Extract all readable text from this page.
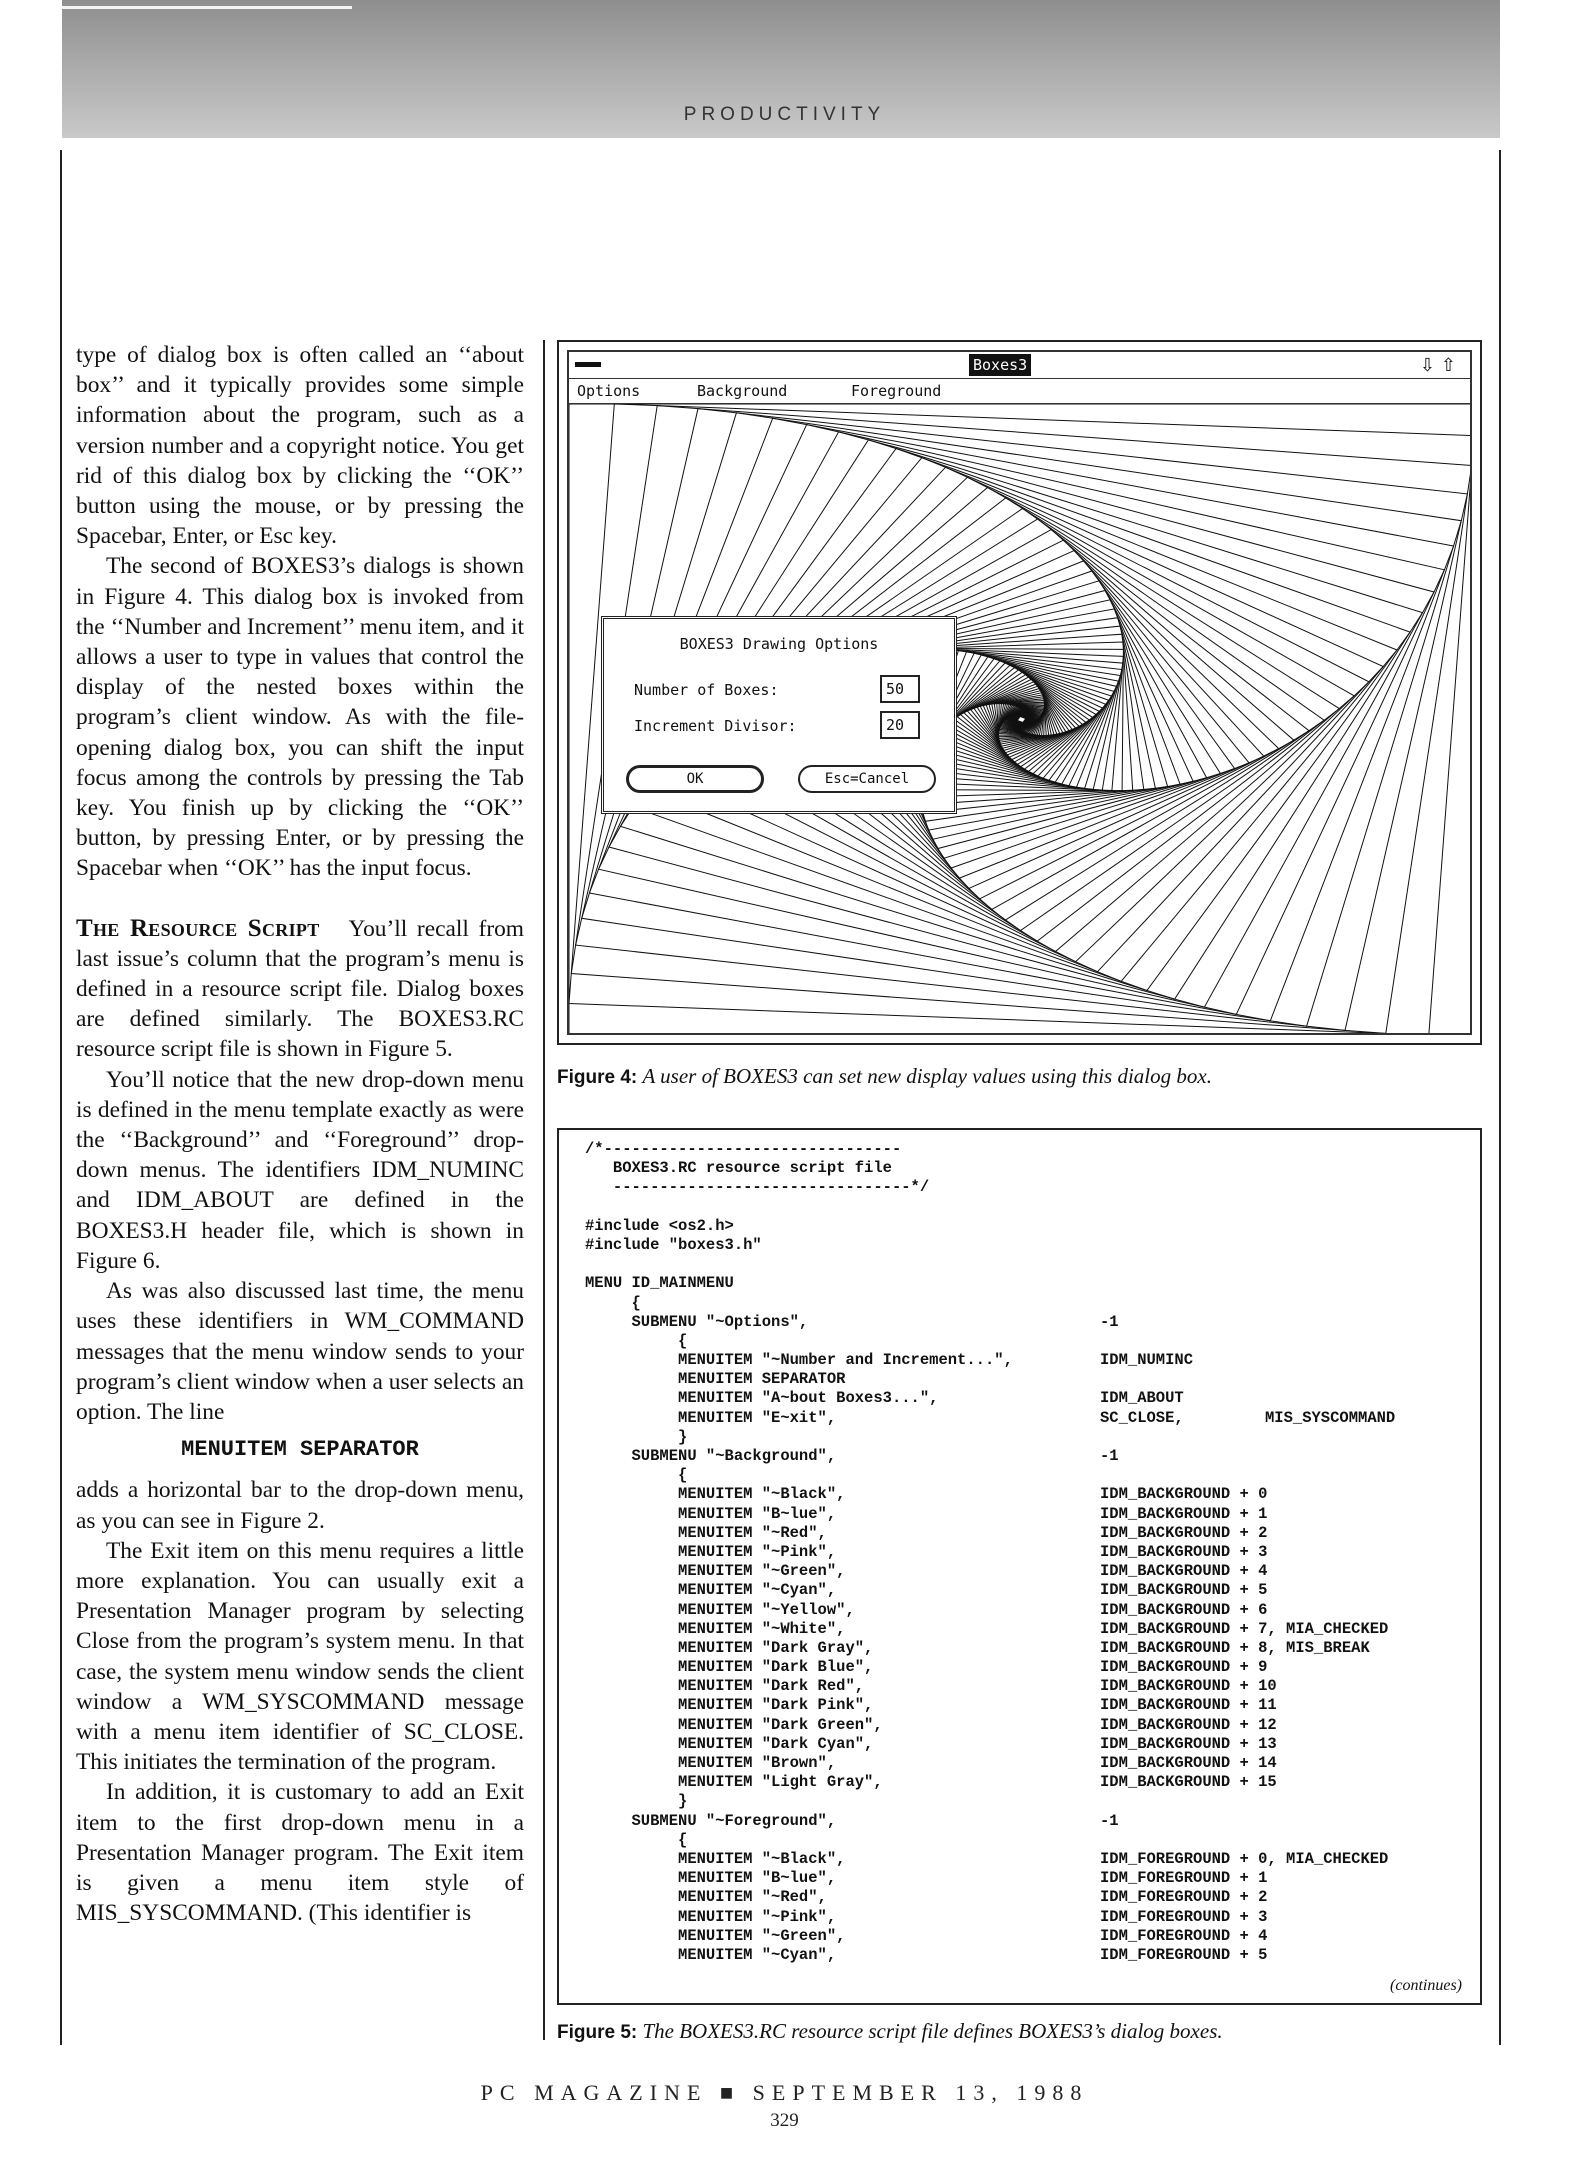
PRODUCTIVITY

type of dialog box is often called an ‘‘about box’’ and it typically provides some simple information about the program, such as a version number and a copyright notice. You get rid of this dialog box by clicking the ‘‘OK’’ button using the mouse, or by pressing the Spacebar, Enter, or Esc key.

The second of BOXES3’s dialogs is shown in Figure 4. This dialog box is invoked from the ‘‘Number and Increment’’ menu item, and it allows a user to type in values that control the display of the nested boxes within the program’s client window. As with the file-opening dialog box, you can shift the input focus among the controls by pressing the Tab key. You finish up by clicking the ‘‘OK’’ button, by pressing Enter, or by pressing the Spacebar when ‘‘OK’’ has the input focus.

The Resource Script You’ll recall from last issue’s column that the program’s menu is defined in a resource script file. Dialog boxes are defined similarly. The BOXES3.RC resource script file is shown in Figure 5.

You’ll notice that the new drop-down menu is defined in the menu template exactly as were the ‘‘Background’’ and ‘‘Foreground’’ drop-down menus. The identifiers IDM_NUMINC and IDM_ABOUT are defined in the BOXES3.H header file, which is shown in Figure 6.

As was also discussed last time, the menu uses these identifiers in WM_COMMAND messages that the menu window sends to your program’s client window when a user selects an option. The line

MENUITEM SEPARATOR

adds a horizontal bar to the drop-down menu, as you can see in Figure 2.

The Exit item on this menu requires a little more explanation. You can usually exit a Presentation Manager program by selecting Close from the program’s system menu. In that case, the system menu window sends the client window a WM_SYSCOMMAND message with a menu item identifier of SC_CLOSE. This initiates the termination of the program.

In addition, it is customary to add an Exit item to the first drop-down menu in a Presentation Manager program. The Exit item is given a menu item style of MIS_SYSCOMMAND. (This identifier is

Boxes3	⇩⇧
Options	Background	Foreground
BOXES3 Drawing Options
Number of Boxes:	50
Increment Divisor:	20
OK	Esc=Cancel
Figure 4: A user of BOXES3 can set new display values using this dialog box.
/*--------------------------------
BOXES3.RC resource script file
--------------------------------*/
#include <os2.h>
#include "boxes3.h"
MENU ID_MAINMENU
{
SUBMENU "~Options",	-1
{
MENUITEM "~Number and Increment...",	IDM_NUMINC
MENUITEM SEPARATOR
MENUITEM "A~bout Boxes3...",	IDM_ABOUT
MENUITEM "E~xit",	SC_CLOSE,	MIS_SYSCOMMAND
}
SUBMENU "~Background",	-1
{
MENUITEM "~Black",	IDM_BACKGROUND + 0
MENUITEM "B~lue",	IDM_BACKGROUND + 1
MENUITEM "~Red",	IDM_BACKGROUND + 2
MENUITEM "~Pink",	IDM_BACKGROUND + 3
MENUITEM "~Green",	IDM_BACKGROUND + 4
MENUITEM "~Cyan",	IDM_BACKGROUND + 5
MENUITEM "~Yellow",	IDM_BACKGROUND + 6
MENUITEM "~White",	IDM_BACKGROUND + 7, MIA_CHECKED
MENUITEM "Dark Gray",	IDM_BACKGROUND + 8, MIS_BREAK
MENUITEM "Dark Blue",	IDM_BACKGROUND + 9
MENUITEM "Dark Red",	IDM_BACKGROUND + 10
MENUITEM "Dark Pink",	IDM_BACKGROUND + 11
MENUITEM "Dark Green",	IDM_BACKGROUND + 12
MENUITEM "Dark Cyan",	IDM_BACKGROUND + 13
MENUITEM "Brown",	IDM_BACKGROUND + 14
MENUITEM "Light Gray",	IDM_BACKGROUND + 15
}
SUBMENU "~Foreground",	-1
{
MENUITEM "~Black",	IDM_FOREGROUND + 0, MIA_CHECKED
MENUITEM "B~lue",	IDM_FOREGROUND + 1
MENUITEM "~Red",	IDM_FOREGROUND + 2
MENUITEM "~Pink",	IDM_FOREGROUND + 3
MENUITEM "~Green",	IDM_FOREGROUND + 4
MENUITEM "~Cyan",	IDM_FOREGROUND + 5
(continues)
Figure 5: The BOXES3.RC resource script file defines BOXES3’s dialog boxes.
PC MAGAZINE ■ SEPTEMBER 13, 1988
329
